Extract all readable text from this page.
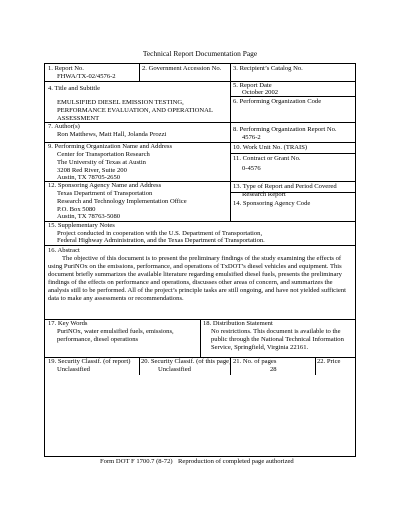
Technical Report Documentation Page
1. Report No.
FHWA/TX-02/4576-2
2. Government Accession No. 3. Recipient’s Catalog No.
4. Title and Subtitle
EMULSIFIED DIESEL EMISSION TESTING,
PERFORMANCE EVALUATION, AND OPERATIONAL
ASSESSMENT
5. Report Date
October 2002
6. Performing Organization Code
7. Author(s)
Ron Matthews, Matt Hall, Jolanda Prozzi
8. Performing Organization Report No.
4576-2
9. Performing Organization Name and Address
Center for Transportation Research
The University of Texas at Austin
3208 Red River, Suite 200
Austin, TX 78705-2650
10. Work Unit No. (TRAIS)
11. Contract or Grant No.
0-4576
12. Sponsoring Agency Name and Address
Texas Department of Transportation
Research and Technology Implementation Office
P.O. Box 5080
Austin, TX 78763-5080
13. Type of Report and Period Covered
Research Report
14. Sponsoring Agency Code
15. Supplementary Notes
Project conducted in cooperation with the U.S. Department of Transportation,
Federal Highway Administration, and the Texas Department of Transportation.
16. Abstract
The objective of this document is to present the preliminary findings of the study examining the effects of using PuriNOx on the emissions, performance, and operations of TxDOT’s diesel vehicles and equipment. This document briefly summarizes the available literature regarding emulsified diesel fuels, presents the preliminary findings of the effects on performance and operations, discusses other areas of concern, and summarizes the analysis still to be performed. All of the project’s principle tasks are still ongoing, and have not yielded sufficient data to make any assessments or recommendations.
17. Key Words
PuriNOx, water emulsified fuels, emissions,
performance, diesel operations
18. Distribution Statement
No restrictions. This document is available to the
public through the National Technical Information
Service, Springfield, Virginia 22161.
19. Security Classif. (of report)
Unclassified
20. Security Classif. (of this page)
Unclassified
21. No. of pages
28
22. Price
Form DOT F 1700.7 (8-72) Reproduction of completed page authorized
